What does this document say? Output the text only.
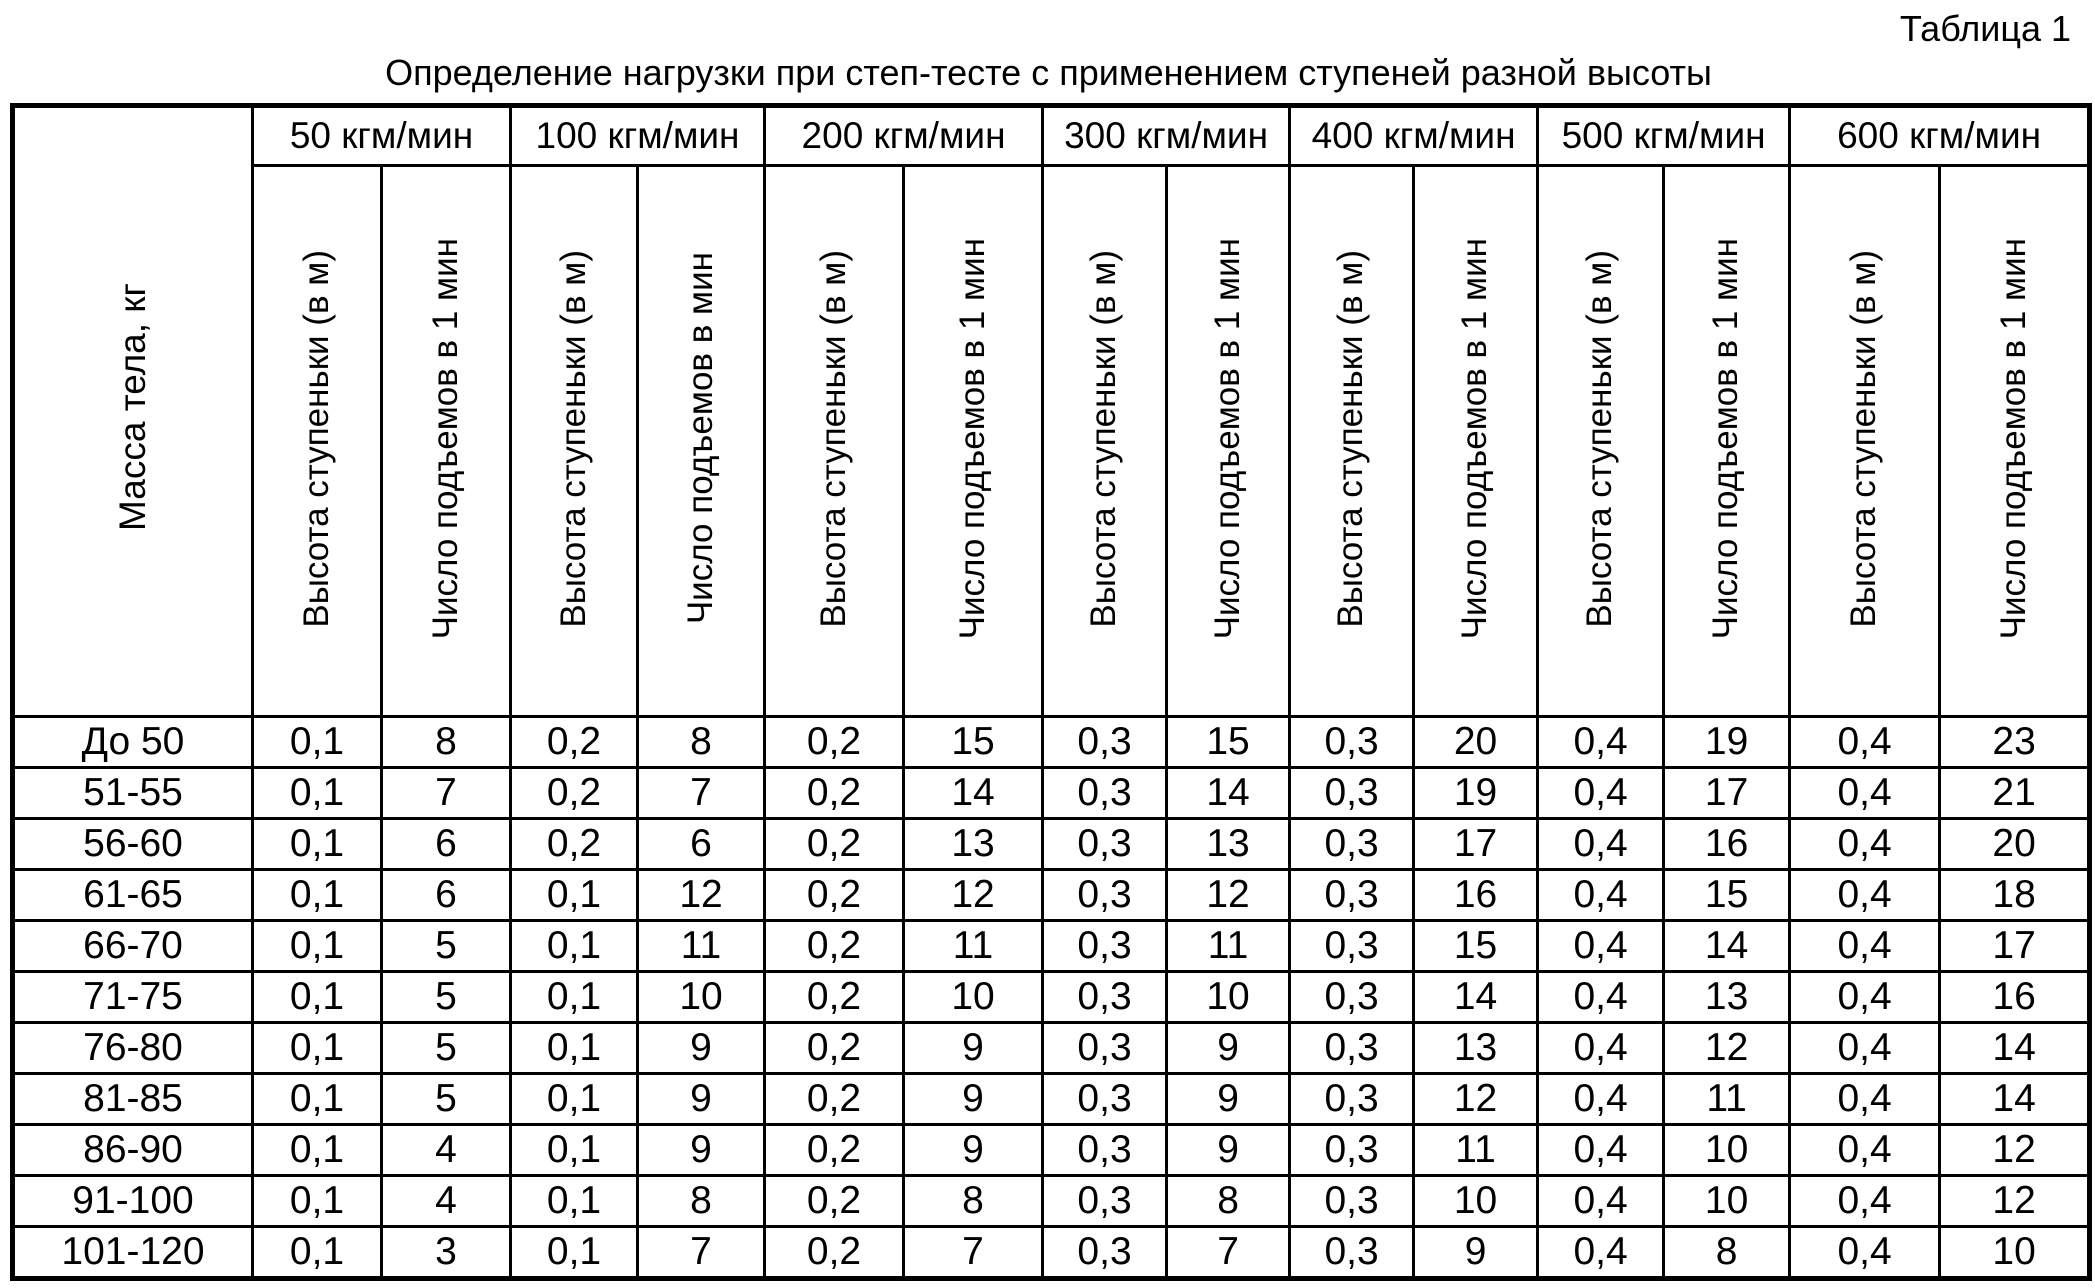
Таблица 1
Определение нагрузки при степ-тесте с применением ступеней разной высоты
Масса тела, кг	50 кгм/мин		100 кгм/мин		200 кгм/мин		300 кгм/мин		400 кгм/мин		500 кгм/мин		600 кгм/мин	
	Высота ступеньки (в м)	Число подъемов в 1 мин	Высота ступеньки (в м)	Число подъемов в мин	Высота ступеньки (в м)	Число подъемов в 1 мин	Высота ступеньки (в м)	Число подъемов в 1 мин	Высота ступеньки (в м)	Число подъемов в 1 мин	Высота ступеньки (в м)	Число подъемов в 1 мин	Высота ступеньки (в м)	Число подъемов в 1 мин
До 50	0,1	8	0,2	8	0,2	15	0,3	15	0,3	20	0,4	19	0,4	23
51-55	0,1	7	0,2	7	0,2	14	0,3	14	0,3	19	0,4	17	0,4	21
56-60	0,1	6	0,2	6	0,2	13	0,3	13	0,3	17	0,4	16	0,4	20
61-65	0,1	6	0,1	12	0,2	12	0,3	12	0,3	16	0,4	15	0,4	18
66-70	0,1	5	0,1	11	0,2	11	0,3	11	0,3	15	0,4	14	0,4	17
71-75	0,1	5	0,1	10	0,2	10	0,3	10	0,3	14	0,4	13	0,4	16
76-80	0,1	5	0,1	9	0,2	9	0,3	9	0,3	13	0,4	12	0,4	14
81-85	0,1	5	0,1	9	0,2	9	0,3	9	0,3	12	0,4	11	0,4	14
86-90	0,1	4	0,1	9	0,2	9	0,3	9	0,3	11	0,4	10	0,4	12
91-100	0,1	4	0,1	8	0,2	8	0,3	8	0,3	10	0,4	10	0,4	12
101-120	0,1	3	0,1	7	0,2	7	0,3	7	0,3	9	0,4	8	0,4	10
